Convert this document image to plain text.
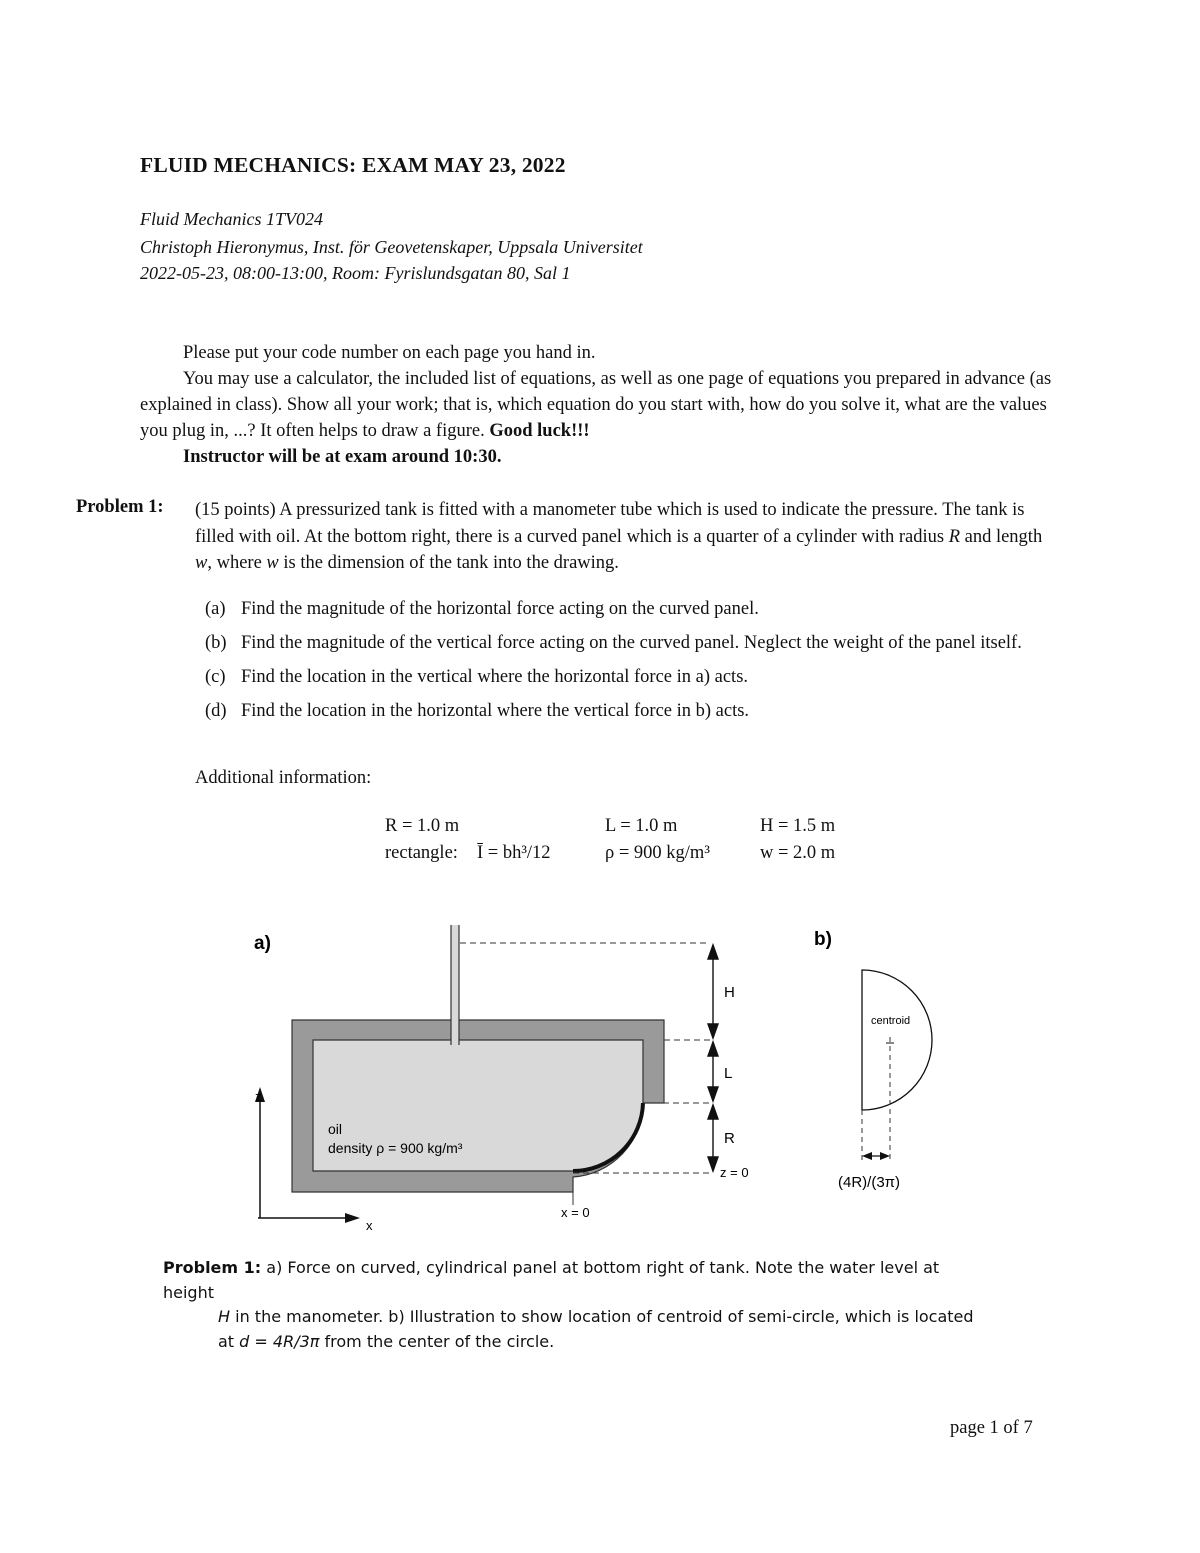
FLUID MECHANICS: EXAM MAY 23, 2022
Fluid Mechanics 1TV024
Christoph Hieronymus, Inst. för Geovetenskaper, Uppsala Universitet
2022-05-23, 08:00-13:00, Room: Fyrislundsgatan 80, Sal 1

Please put your code number on each page you hand in.

You may use a calculator, the included list of equations, as well as one page of equations you prepared in advance (as explained in class). Show all your work; that is, which equation do you start with, how do you solve it, what are the values you plug in, ...? It often helps to draw a figure. Good luck!!!

Instructor will be at exam around 10:30.

Problem 1: (15 points) A pressurized tank is fitted with a manometer tube which is used to indicate the pressure. The tank is filled with oil. At the bottom right, there is a curved panel which is a quarter of a cylinder with radius R and length w, where w is the dimension of the tank into the drawing.
(a) Find the magnitude of the horizontal force acting on the curved panel.
(b) Find the magnitude of the vertical force acting on the curved panel. Neglect the weight of the panel itself.
(c) Find the location in the vertical where the horizontal force in a) acts.
(d) Find the location in the horizontal where the vertical force in b) acts.
Additional information:
R = 1.0 m	L = 1.0 m	H = 1.5 m
rectangle: Ī = bh³/12	ρ = 900 kg/m³	w = 2.0 m
a)	b)
H
L
R
z = 0
x = 0
z
x
oil
density ρ = 900 kg/m³
centroid
(4R)/(3π)
Problem 1: a) Force on curved, cylindrical panel at bottom right of tank. Note the water level at height
H in the manometer. b) Illustration to show location of centroid of semi-circle, which is located
at d = 4R/3π from the center of the circle.
page 1 of 7
